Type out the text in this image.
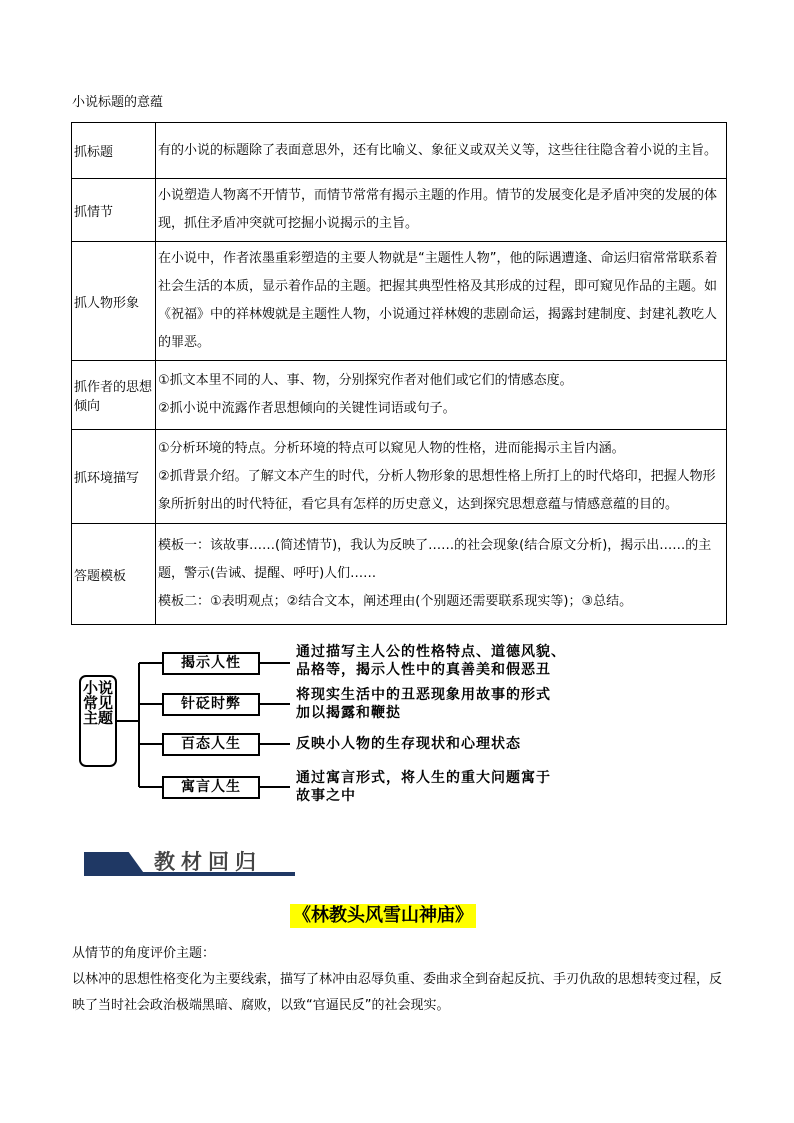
小说标题的意蕴
抓标题	有的小说的标题除了表面意思外，还有比喻义、象征义或双关义等，这些往往隐含着小说的主旨。

抓情节	小说塑造人物离不开情节，而情节常常有揭示主题的作用。情节的发展变化是矛盾冲突的发展的体现，抓住矛盾冲突就可挖掘小说揭示的主旨。

抓人物形象	在小说中，作者浓墨重彩塑造的主要人物就是“主题性人物”，他的际遇遭逢、命运归宿常常联系着社会生活的本质，显示着作品的主题。把握其典型性格及其形成的过程，即可窥见作品的主题。如《祝福》中的祥林嫂就是主题性人物，小说通过祥林嫂的悲剧命运，揭露封建制度、封建礼教吃人的罪恶。

抓作者的思想倾向	①抓文本里不同的人、事、物，分别探究作者对他们或它们的情感态度。

②抓小说中流露作者思想倾向的关键性词语或句子。

抓环境描写	①分析环境的特点。分析环境的特点可以窥见人物的性格，进而能揭示主旨内涵。

②抓背景介绍。了解文本产生的时代，分析人物形象的思想性格上所打上的时代烙印，把握人物形象所折射出的时代特征，看它具有怎样的历史意义，达到探究思想意蕴与情感意蕴的目的。

答题模板	模板一：该故事……(简述情节)，我认为反映了……的社会现象(结合原文分析)，揭示出……的主题，警示(告诫、提醒、呼吁)人们……

模板二：①表明观点；②结合文本，阐述理由(个别题还需要联系现实等)；③总结。

小说常见主题
揭示人性
通过描写主人公的性格特点、道德风貌、
品格等，揭示人性中的真善美和假恶丑
针砭时弊
将现实生活中的丑恶现象用故事的形式
加以揭露和鞭挞
百态人生	反映小人物的生存现状和心理状态
寓言人生
通过寓言形式，将人生的重大问题寓于
故事之中
教材回归
《林教头风雪山神庙》
从情节的角度评价主题：
以林冲的思想性格变化为主要线索，描写了林冲由忍辱负重、委曲求全到奋起反抗、手刃仇敌的思想转变过程，反映了当时社会政治极端黑暗、腐败，以致“官逼民反”的社会现实。
